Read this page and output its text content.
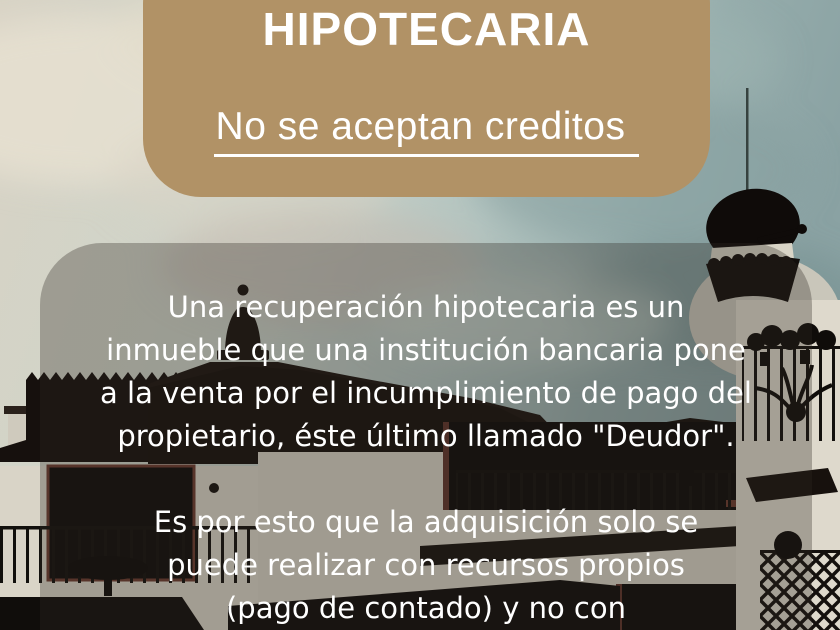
Una recuperación hipotecaria es un
inmueble que una institución bancaria pone
a la venta por el incumplimiento de pago del
propietario, éste último llamado "Deudor".
Es por esto que la adquisición solo se
puede realizar con recursos propios
(pago de contado) y no con
HIPOTECARIA
No se aceptan creditos
